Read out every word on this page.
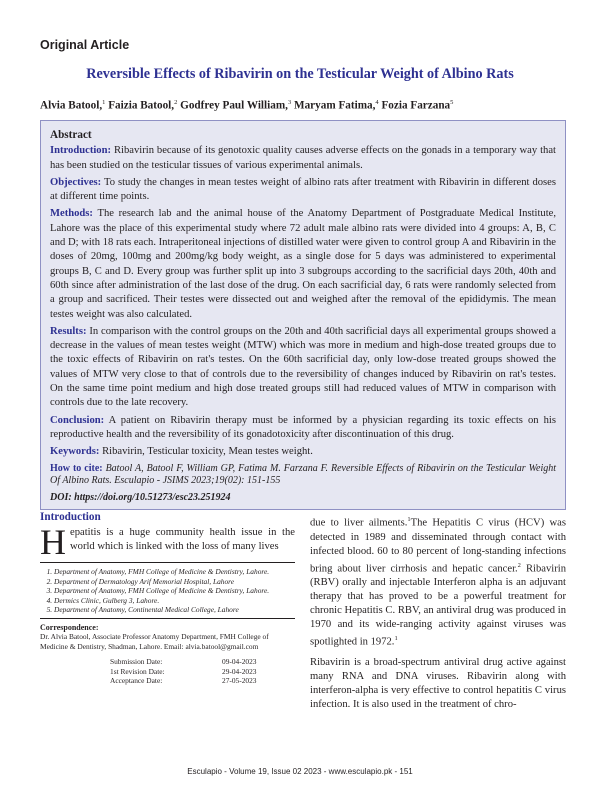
Original Article
Reversible Effects of Ribavirin on the Testicular Weight of Albino Rats
Alvia Batool,$^1$ Faizia Batool,$^2$ Godfrey Paul William,$^3$ Maryam Fatima,$^4$ Fozia Farzana$^5$

Abstract

Introduction: Ribavirin because of its genotoxic quality causes adverse effects on the gonads in a temporary way that has been studied on the testicular tissues of various experimental animals.

Objectives: To study the changes in mean testes weight of albino rats after treatment with Ribavirin in different doses at different time points.

Methods: The research lab and the animal house of the Anatomy Department of Postgraduate Medical Institute, Lahore was the place of this experimental study where 72 adult male albino rats were divided into 4 groups: A, B, C and D; with 18 rats each. Intraperitoneal injections of distilled water were given to control group A and Ribavirin in the doses of 20mg, 100mg and 200mg/kg body weight, as a single dose for 5 days was administered to experimental groups B, C and D. Every group was further split up into 3 subgroups according to the sacrificial days 20th, 40th and 60th since after administration of the last dose of the drug. On each sacrificial day, 6 rats were randomly selected from a group and sacrificed. Their testes were dissected out and weighed after the removal of the epididymis. The mean testes weight was also calculated.

Results: In comparison with the control groups on the 20th and 40th sacrificial days all experimental groups showed a decrease in the values of mean testes weight (MTW) which was more in medium and high-dose treated groups due to the toxic effects of Ribavirin on rat's testes. On the 60th sacrificial day, only low-dose treated groups showed the values of MTW very close to that of controls due to the reversibility of changes induced by Ribavirin on rat's testes. On the same time point medium and high dose treated groups still had reduced values of MTW in comparison with controls due to the late recovery.

Conclusion: A patient on Ribavirin therapy must be informed by a physician regarding its toxic effects on his reproductive health and the reversibility of its gonadotoxicity after discontinuation of this drug.

Keywords: Ribavirin, Testicular toxicity, Mean testes weight.

How to cite: Batool A, Batool F, William GP, Fatima M. Farzana F. Reversible Effects of Ribavirin on the Testicular Weight Of Albino Rats. Esculapio - JSIMS 2023;19(02): 151-155

DOI: https://doi.org/10.51273/esc23.251924

Introduction

Hepatitis is a huge community health issue in the world which is linked with the loss of many lives

1. Department of Anatomy, FMH College of Medicine & Dentistry, Lahore.
2. Department of Dermatology Arif Memorial Hospital, Lahore
3. Department of Anatomy, FMH College of Medicine & Dentistry, Lahore.
4. Dermics Clinic, Gulberg 3, Lahore.
5. Department of Anatomy, Continental Medical College, Lahore
Correspondence:
Dr. Alvia Batool, Associate Professor Anatomy Department, FMH College of Medicine & Dentistry, Shadman, Lahore. Email: alvia.batool@gmail.com
Submission Date:	09-04-2023
1st Revision Date:	29-04-2023
Acceptance Date:	27-05-2023

due to liver ailments.$^1$The Hepatitis C virus (HCV) was detected in 1989 and disseminated through contact with infected blood. 60 to 80 percent of long-standing infections bring about liver cirrhosis and hepatic cancer.$^2$ Ribavirin (RBV) orally and injectable Interferon alpha is an adjuvant therapy that has proved to be a powerful treatment for chronic Hepatitis C. RBV, an antiviral drug was produced in 1970 and its wide-ranging activity against viruses was spotlighted in 1972.$^1$

Ribavirin is a broad-spectrum antiviral drug active against many RNA and DNA viruses. Ribavirin along with interferon-alpha is very effective to control hepatitis C virus infection. It is also used in the treatment of chro-

Esculapio - Volume 19, Issue 02 2023 - www.esculapio.pk - 151
